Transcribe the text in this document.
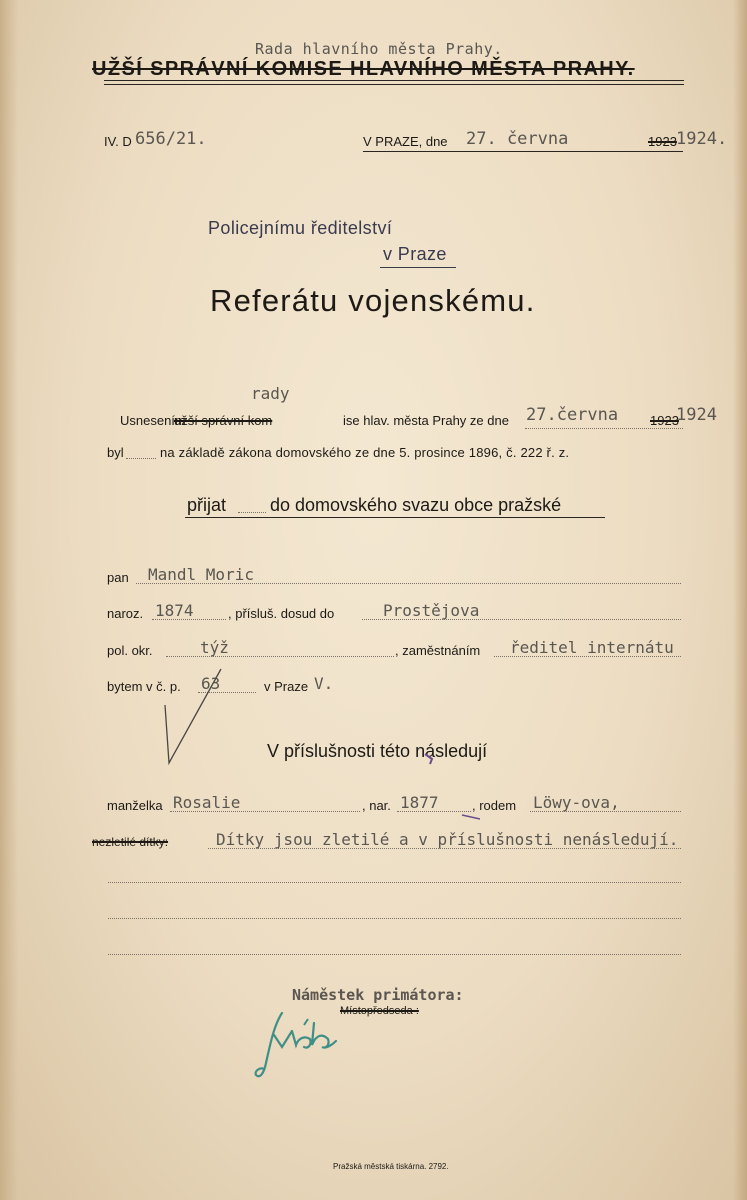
Rada hlavního města Prahy.
UŽŠÍ SPRÁVNÍ KOMISE HLAVNÍHO MĚSTA PRAHY.
IV. D 656/21.	V PRAZE, dne 27. června	1923 1924.
Policejnímu ředitelství
v Praze
Referátu vojenskému.
rady
Usnesením
užší správní kom	ise hlav. města Prahy ze dne 27.června 1923
1924
byl	na základě zákona domovského ze dne 5. prosince 1896, č. 222 ř. z.
přijat do domovského svazu obce pražské
pan Mandl Moric
naroz. 1874	, přísluš. dosud do	Prostějova
pol. okr.	týž	, zaměstnáním ředitel internátu
bytem v č. p. 63	v Praze V.
V příslušnosti této následují
manželka Rosalie	, nar. 1877	, rodem Löwy-ova,
nezletilé dítky:	Dítky jsou zletilé a v příslušnosti nenásledují.
Náměstek primátora:
Místopředseda :
Pražská městská tiskárna. 2792.
